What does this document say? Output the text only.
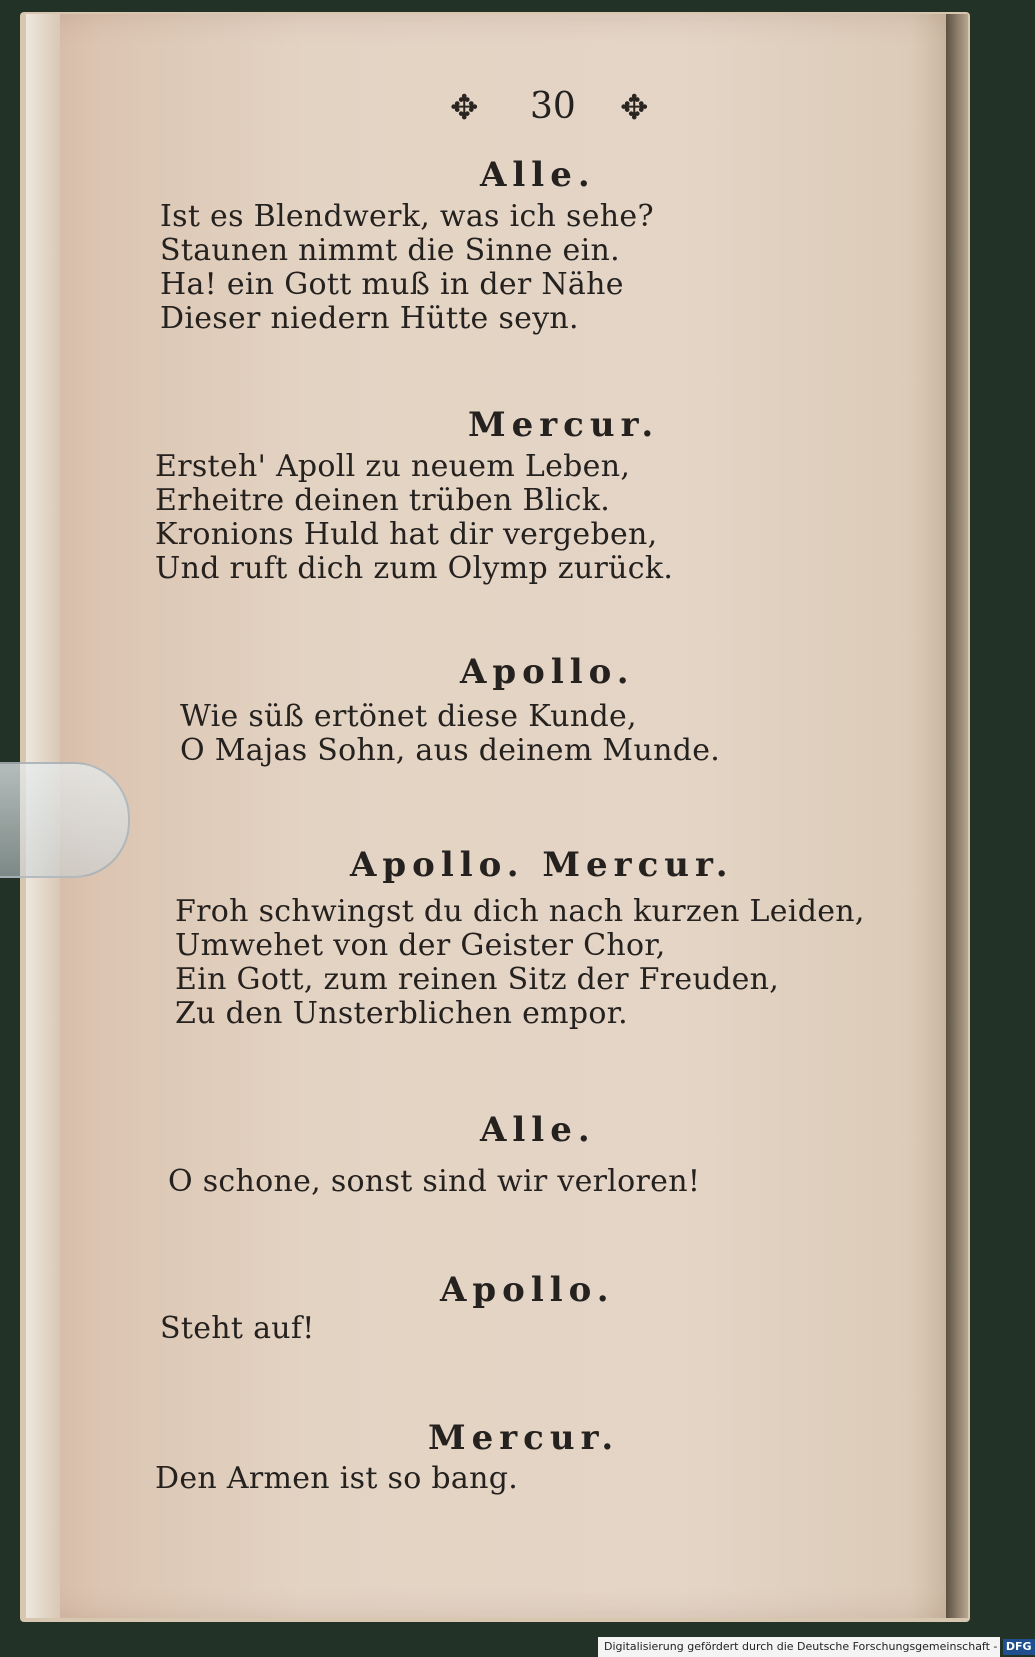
✥ 30 ✥
Alle.
Ist es Blendwerk, was ich sehe?
Staunen nimmt die Sinne ein.
Ha! ein Gott muß in der Nähe
Dieser niedern Hütte seyn.
Mercur.
Ersteh' Apoll zu neuem Leben,
Erheitre deinen trüben Blick.
Kronions Huld hat dir vergeben,
Und ruft dich zum Olymp zurück.
Apollo.
Wie süß ertönet diese Kunde,
O Majas Sohn, aus deinem Munde.
Apollo. Mercur.
Froh schwingst du dich nach kurzen Leiden,
Umwehet von der Geister Chor,
Ein Gott, zum reinen Sitz der Freuden,
Zu den Unsterblichen empor.
Alle.
O schone, sonst sind wir verloren!
Apollo.
Steht auf!
Mercur.
Den Armen ist so bang.
Digitalisierung gefördert durch die Deutsche Forschungsgemeinschaft - DFG
